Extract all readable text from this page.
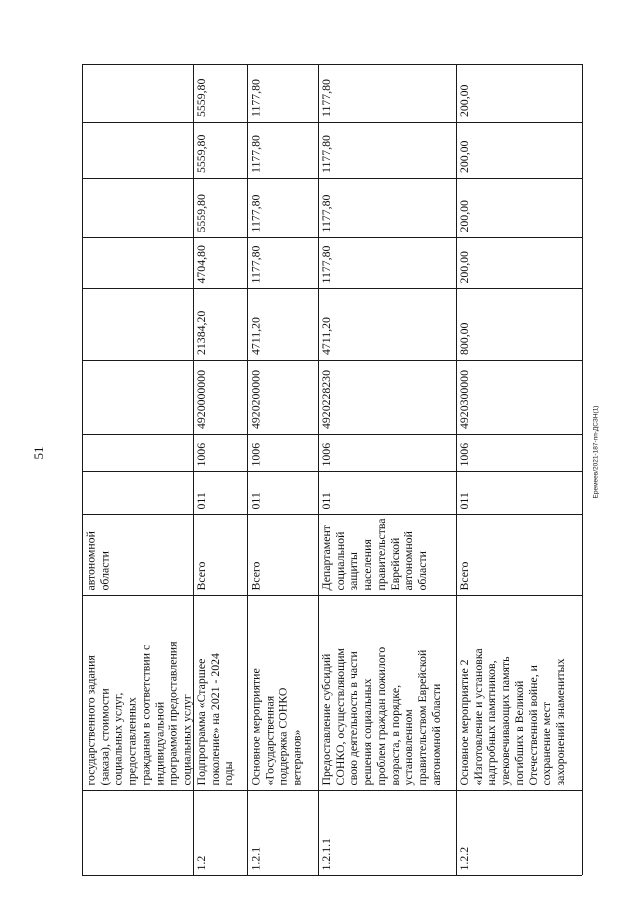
51	Еремеев/2021-187-пп-ДСЗН(1)
государственного задания (заказа), стоимости социальных услуг, предоставленных гражданам в соответствии с индивидуальной программой предоставления социальных услуг
автономной области
1.2
Подпрограмма «Старшее поколение» на 2021 - 2024 годы
Всего
011
1006
4920000000
21384,20
4704,80
5559,80
5559,80
5559,80
1.2.1
Основное мероприятие «Государственная поддержка СОНКО ветеранов»
Всего
011
1006
4920200000
4711,20
1177,80
1177,80
1177,80
1177,80
1.2.1.1
Предоставление субсидий СОНКО, осуществляющим свою деятельность в части решения социальных проблем граждан пожилого возраста, в порядке, установленном правительством Еврейской автономной области
Департамент социальной защиты населения правительства Еврейской автономной области
011
1006
4920228230
4711,20
1177,80
1177,80
1177,80
1177,80
1.2.2
Основное мероприятие 2 «Изготовление и установка надгробных памятников, увековечивающих память погибших в Великой Отечественной войне, и сохранение мест захоронений знаменитых
Всего
011
1006
4920300000
800,00
200,00
200,00
200,00
200,00
